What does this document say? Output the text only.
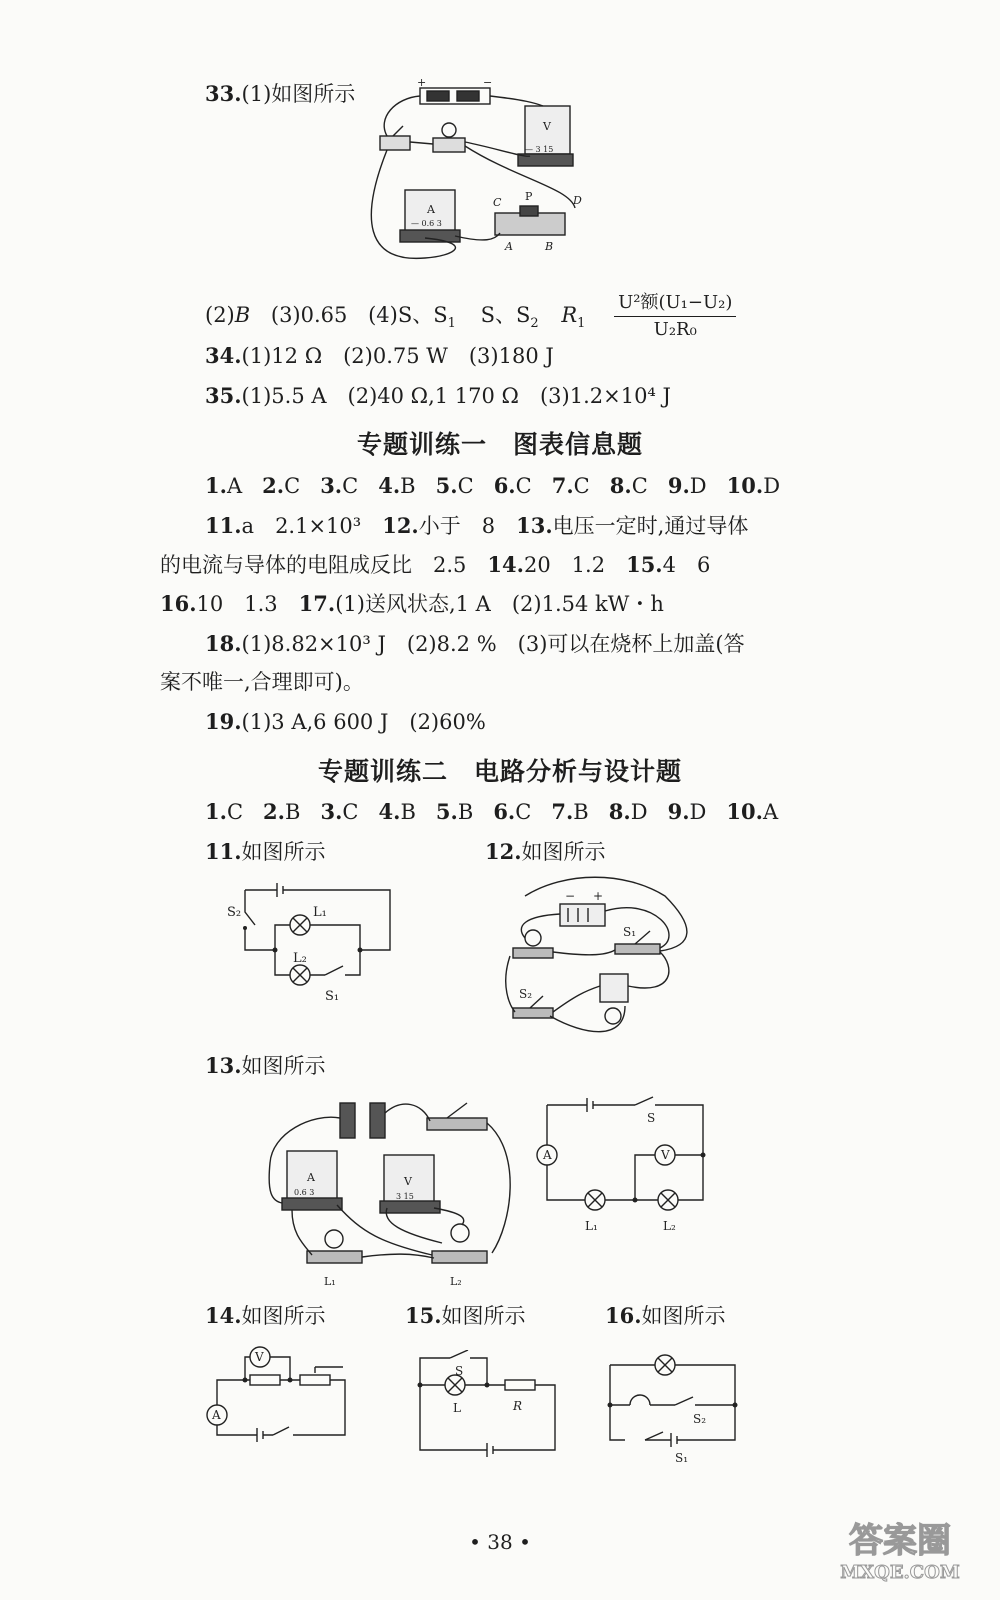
33.(1)如图所示	+	−
V
— 3 15
A
— 0.6 3
C P	D
A	B
(2)B (3)0.65 (4)S、$S_1$ S、$S_2$ $R_1 \frac{\text{U²额(U₁−U₂)}}{\text{U₂R₀}}$
34.(1)12 Ω　(2)0.75 W　(3)180 J
35.(1)5.5 A　(2)40 Ω,1 170 Ω　(3)1.2×10⁴ J
专题训练一　图表信息题
1.A 2.C 3.C 4.B 5.C 6.C 7.C 8.C 9.D 10.D
11.a　2.1×10³　12.小于　8　13.电压一定时,通过导体
的电流与导体的电阻成反比　2.5　14.20　1.2　15.4　6
16.10　1.3　17.(1)送风状态,1 A　(2)1.54 kW・h
18.(1)8.82×10³ J　(2)8.2 %　(3)可以在烧杯上加盖(答
案不唯一,合理即可)。
19.(1)3 A,6 600 J　(2)60%
专题训练二　电路分析与设计题
1.C 2.B 3.C 4.B 5.B 6.C 7.B 8.D 9.D 10.A
11.如图所示	12.如图所示
S₂	L₁
L₂
S₁
− +
S₁
S₂
13.如图所示
A
0.6 3
V
3 15
L₁	L₂
S
A	V
L₁	L₂
14.如图所示	15.如图所示	16.如图所示
V
A
S
L	R
S₂
S₁
• 38 •	答案圈
MXQE.COM
